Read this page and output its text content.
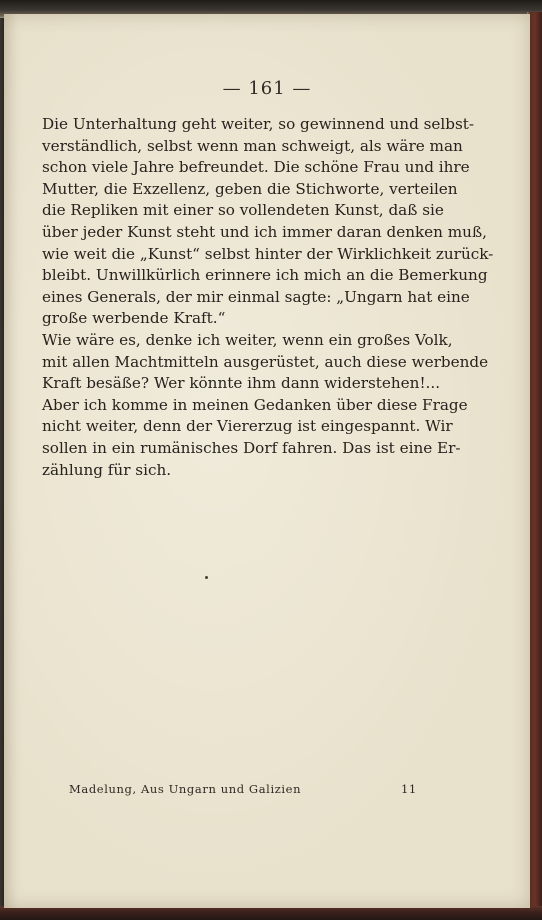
— 161 —

Die Unterhaltung geht weiter, so gewinnend und selbst-
verständlich, selbst wenn man schweigt, als wäre man
schon viele Jahre befreundet. Die schöne Frau und ihre
Mutter, die Exzellenz, geben die Stichworte, verteilen
die Repliken mit einer so vollendeten Kunst, daß sie
über jeder Kunst steht und ich immer daran denken muß,
wie weit die „Kunst“ selbst hinter der Wirklichkeit zurück-
bleibt. Unwillkürlich erinnere ich mich an die Bemerkung
eines Generals, der mir einmal sagte: „Ungarn hat eine
große werbende Kraft.“

Wie wäre es, denke ich weiter, wenn ein großes Volk,
mit allen Machtmitteln ausgerüstet, auch diese werbende
Kraft besäße? Wer könnte ihm dann widerstehen!...

Aber ich komme in meinen Gedanken über diese Frage
nicht weiter, denn der Viererzug ist eingespannt. Wir
sollen in ein rumänisches Dorf fahren. Das ist eine Er-
zählung für sich.

Madelung, Aus Ungarn und Galizien	11
